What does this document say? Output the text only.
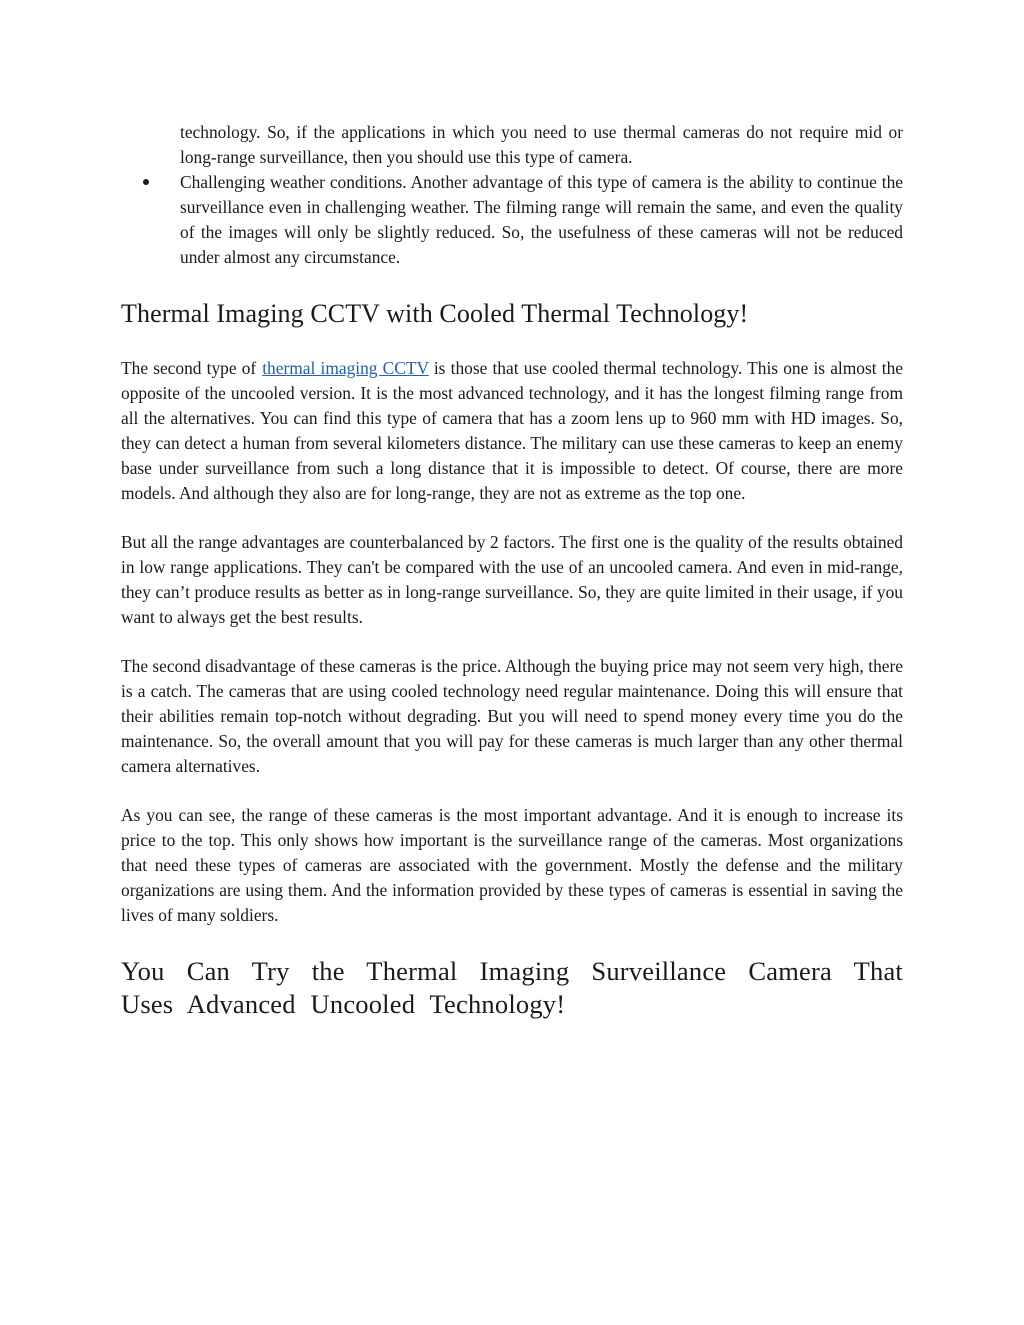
technology. So, if the applications in which you need to use thermal cameras do not require mid or long-range surveillance, then you should use this type of camera.
Challenging weather conditions. Another advantage of this type of camera is the ability to continue the surveillance even in challenging weather. The filming range will remain the same, and even the quality of the images will only be slightly reduced. So, the usefulness of these cameras will not be reduced under almost any circumstance.
Thermal Imaging CCTV with Cooled Thermal Technology!

The second type of thermal imaging CCTV is those that use cooled thermal technology. This one is almost the opposite of the uncooled version. It is the most advanced technology, and it has the longest filming range from all the alternatives. You can find this type of camera that has a zoom lens up to 960 mm with HD images. So, they can detect a human from several kilometers distance. The military can use these cameras to keep an enemy base under surveillance from such a long distance that it is impossible to detect. Of course, there are more models. And although they also are for long-range, they are not as extreme as the top one.

But all the range advantages are counterbalanced by 2 factors. The first one is the quality of the results obtained in low range applications. They can't be compared with the use of an uncooled camera. And even in mid-range, they can’t produce results as better as in long-range surveillance. So, they are quite limited in their usage, if you want to always get the best results.

The second disadvantage of these cameras is the price. Although the buying price may not seem very high, there is a catch. The cameras that are using cooled technology need regular maintenance. Doing this will ensure that their abilities remain top-notch without degrading. But you will need to spend money every time you do the maintenance. So, the overall amount that you will pay for these cameras is much larger than any other thermal camera alternatives.

As you can see, the range of these cameras is the most important advantage. And it is enough to increase its price to the top. This only shows how important is the surveillance range of the cameras. Most organizations that need these types of cameras are associated with the government. Mostly the defense and the military organizations are using them. And the information provided by these types of cameras is essential in saving the lives of many soldiers.

You Can Try the Thermal Imaging Surveillance Camera That Uses Advanced Uncooled Technology!
